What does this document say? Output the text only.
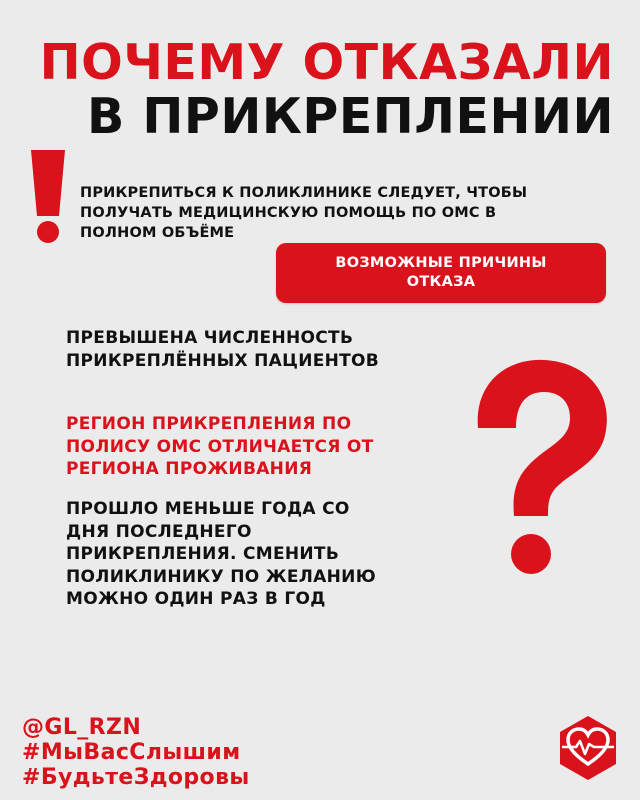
ПОЧЕМУ ОТКАЗАЛИ
В ПРИКРЕПЛЕНИИ

ПРИКРЕПИТЬСЯ К ПОЛИКЛИНИКЕ СЛЕДУЕТ, ЧТОБЫ ПОЛУЧАТЬ МЕДИЦИНСКУЮ ПОМОЩЬ ПО ОМС В ПОЛНОМ ОБЪЁМЕ

ВОЗМОЖНЫЕ ПРИЧИНЫ ОТКАЗА

ПРЕВЫШЕНА ЧИСЛЕННОСТЬ ПРИКРЕПЛЁННЫХ ПАЦИЕНТОВ

РЕГИОН ПРИКРЕПЛЕНИЯ ПО ПОЛИСУ ОМС ОТЛИЧАЕТСЯ ОТ РЕГИОНА ПРОЖИВАНИЯ

ПРОШЛО МЕНЬШЕ ГОДА СО ДНЯ ПОСЛЕДНЕГО ПРИКРЕПЛЕНИЯ. СМЕНИТЬ ПОЛИКЛИНИКУ ПО ЖЕЛАНИЮ МОЖНО ОДИН РАЗ В ГОД

@GL_RZN

#МыВасСлышим

#БудьтеЗдоровы
